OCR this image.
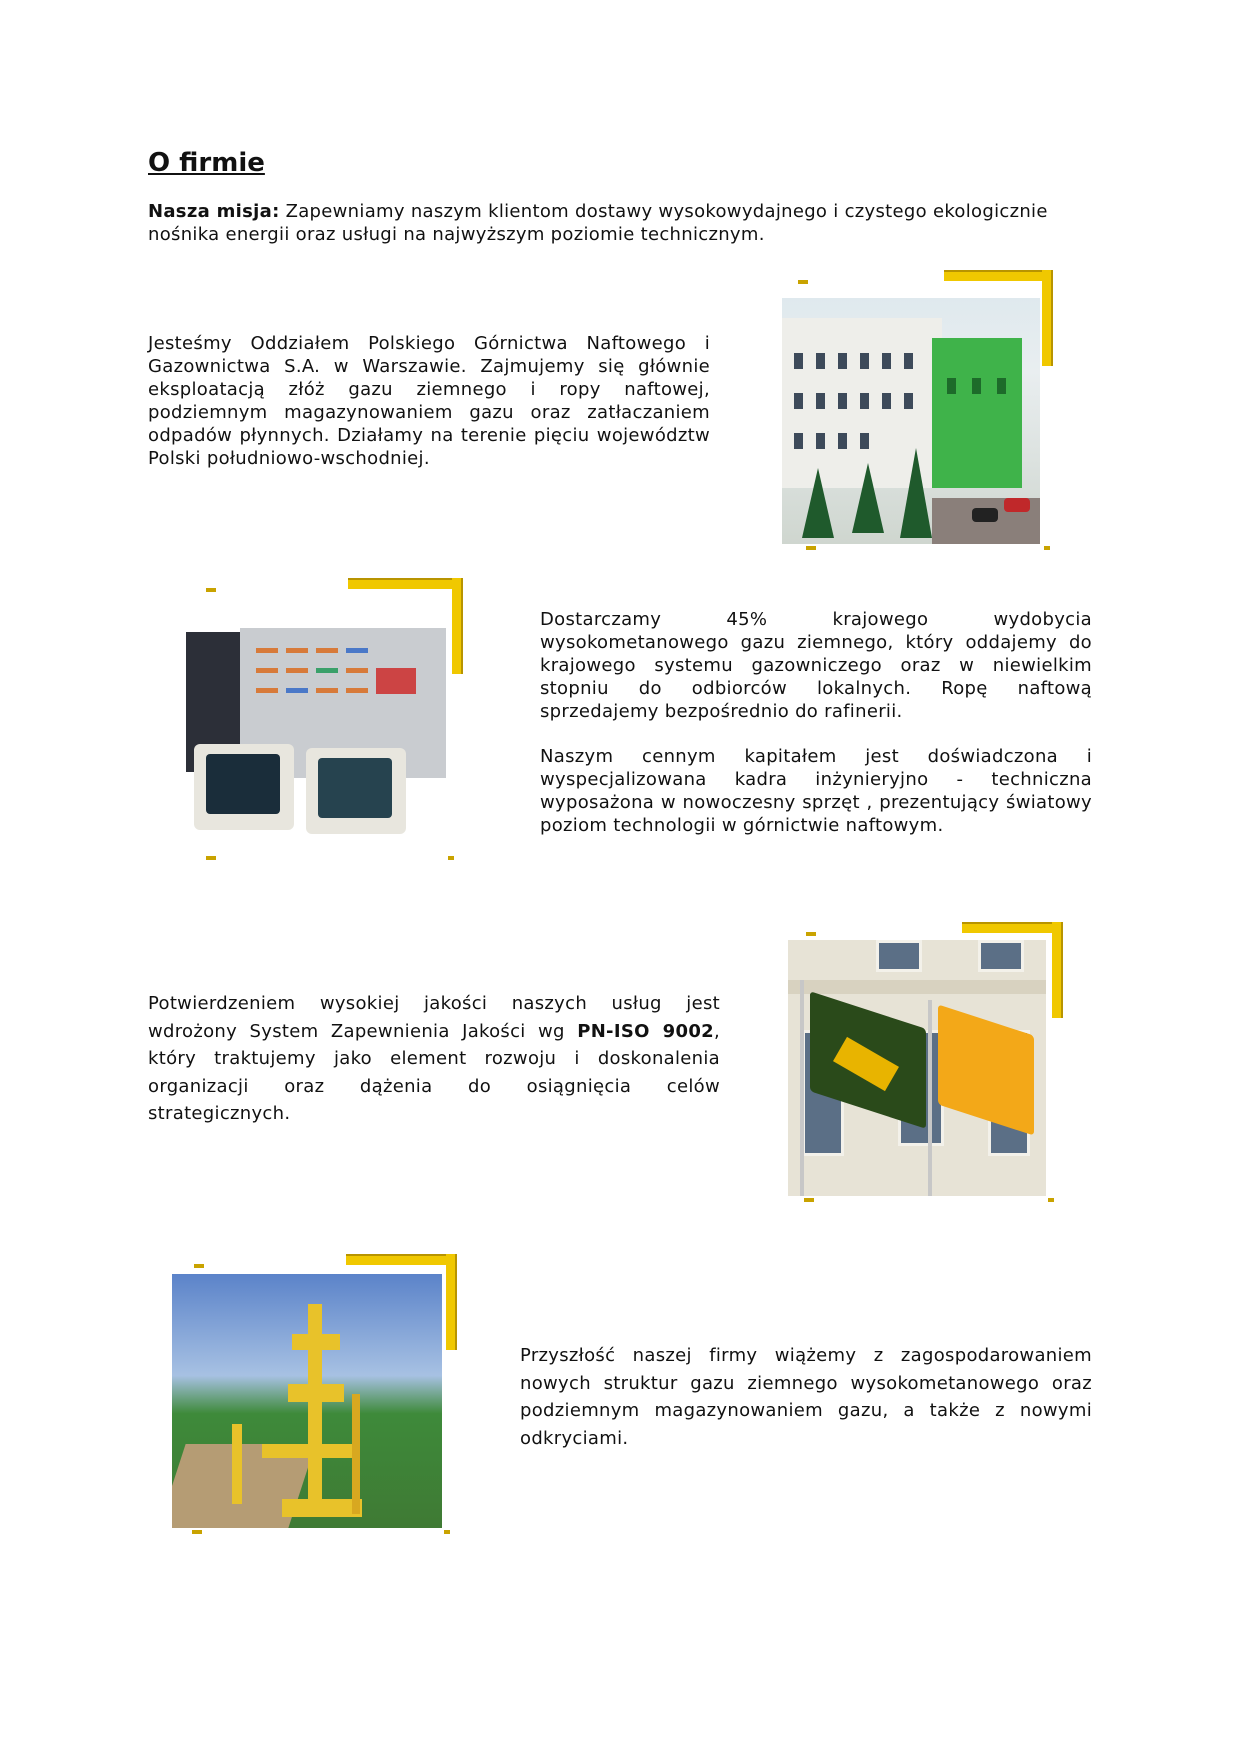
O firmie

Nasza misja: Zapewniamy naszym klientom dostawy wysokowydajnego i czystego ekologicznie nośnika energii oraz usługi na najwyższym poziomie technicznym.

Jesteśmy Oddziałem Polskiego Górnictwa Naftowego i Gazownictwa S.A. w Warszawie. Zajmujemy się głównie eksploatacją złóż gazu ziemnego i ropy naftowej, podziemnym magazynowaniem gazu oraz zatłaczaniem odpadów płynnych. Działamy na terenie pięciu województw Polski południowo-wschodniej.

Dostarczamy 45% krajowego wydobycia wysokometanowego gazu ziemnego, który oddajemy do krajowego systemu gazowniczego oraz w niewielkim stopniu do odbiorców lokalnych. Ropę naftową sprzedajemy bezpośrednio do rafinerii.

Naszym cennym kapitałem jest doświadczona i wyspecjalizowana kadra inżynieryjno - techniczna wyposażona w nowoczesny sprzęt , prezentujący światowy poziom technologii w górnictwie naftowym.

Potwierdzeniem wysokiej jakości naszych usług jest wdrożony System Zapewnienia Jakości wg PN-ISO 9002, który traktujemy jako element rozwoju i doskonalenia organizacji oraz dążenia do osiągnięcia celów strategicznych.

Przyszłość naszej firmy wiążemy z zagospodarowaniem nowych struktur gazu ziemnego wysokometanowego oraz podziemnym magazynowaniem gazu, a także z nowymi odkryciami.
